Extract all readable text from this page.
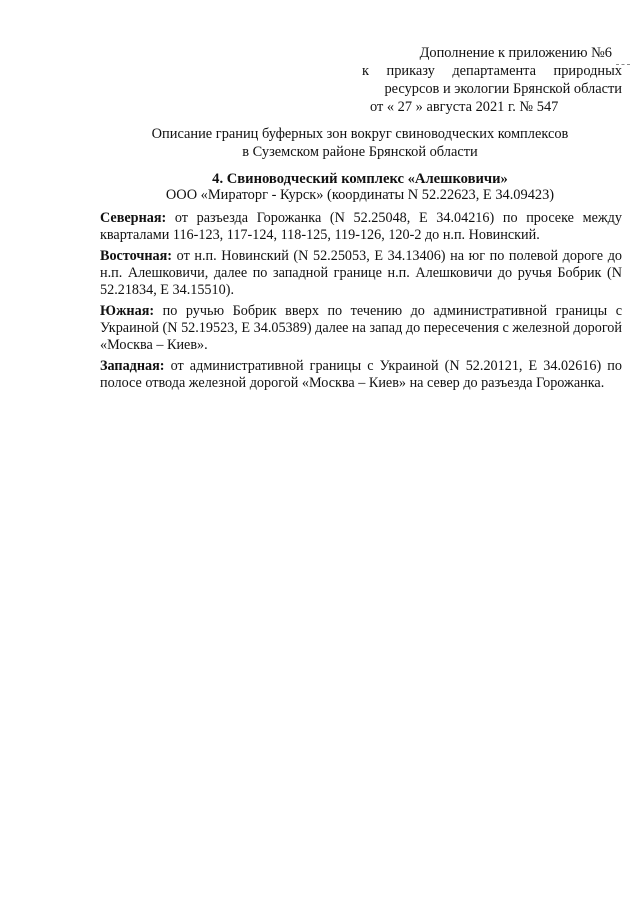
Дополнение к приложению №6
к приказу департамента природных
ресурсов и экологии Брянской области
от « 27 » августа 2021 г. № 547
Описание границ буферных зон вокруг свиноводческих комплексов
в Суземском районе Брянской области
4. Свиноводческий комплекс «Алешковичи»
ООО «Мираторг - Курск» (координаты N 52.22623, E 34.09423)

Северная: от разъезда Горожанка (N 52.25048, E 34.04216) по просеке между кварталами 116-123, 117-124, 118-125, 119-126, 120-2 до н.п. Новинский.

Восточная: от н.п. Новинский (N 52.25053, E 34.13406) на юг по полевой дороге до н.п. Алешковичи, далее по западной границе н.п. Алешковичи до ручья Бобрик (N 52.21834, E 34.15510).

Южная: по ручью Бобрик вверх по течению до административной границы с Украиной (N 52.19523, E 34.05389) далее на запад до пересечения с железной дорогой «Москва – Киев».

Западная: от административной границы с Украиной (N 52.20121, E 34.02616) по полосе отвода железной дорогой «Москва – Киев» на север до разъезда Горожанка.
